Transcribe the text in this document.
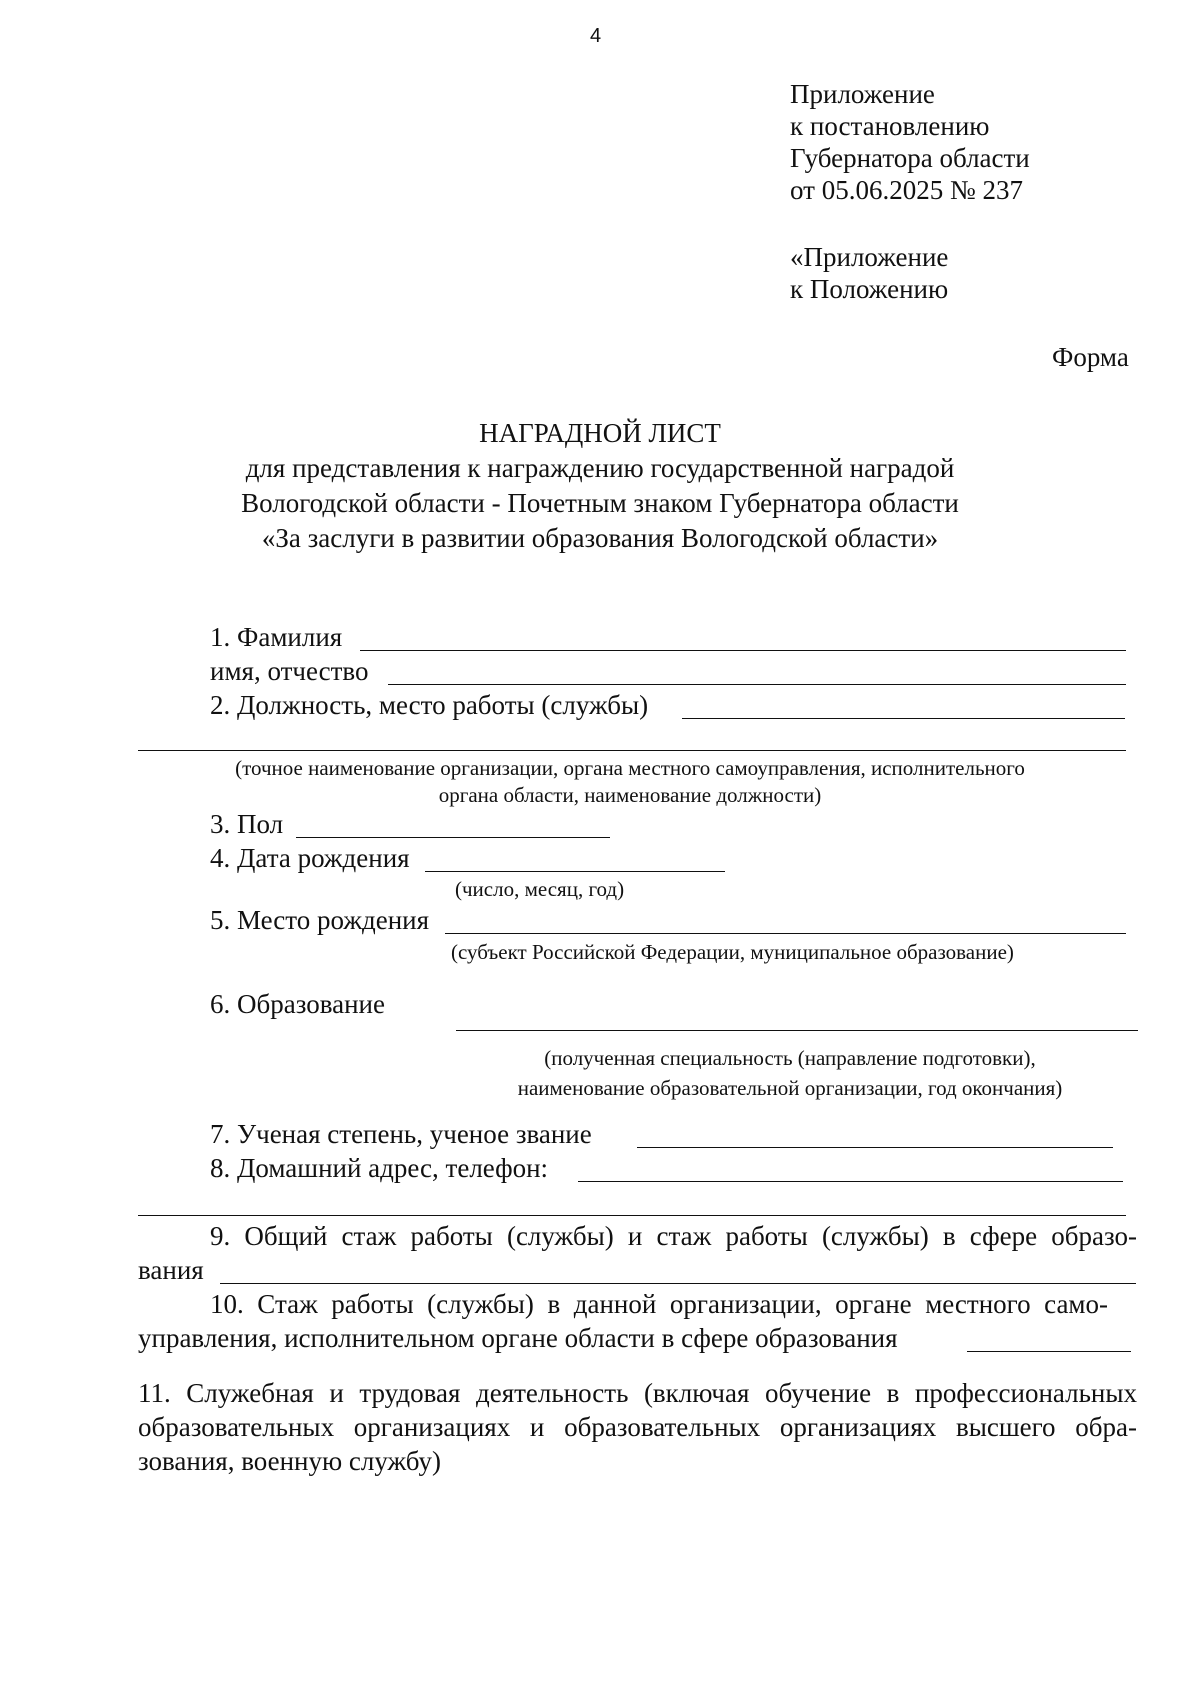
4
Приложение
к постановлению
Губернатора области
от 05.06.2025 № 237
«Приложение
к Положению
Форма
НАГРАДНОЙ ЛИСТ
для представления к награждению государственной наградой
Вологодской области - Почетным знаком Губернатора области
«За заслуги в развитии образования Вологодской области»
1. Фамилия
имя, отчество
2. Должность, место работы (службы)
(точное наименование организации, органа местного самоуправления, исполнительного
органа области, наименование должности)
3. Пол
4. Дата рождения
(число, месяц, год)
5. Место рождения
(субъект Российской Федерации, муниципальное образование)
6. Образование
(полученная специальность (направление подготовки),
наименование образовательной организации, год окончания)
7. Ученая степень, ученое звание
8. Домашний адрес, телефон:
9. Общий стаж работы (службы) и стаж работы (службы) в сфере образо-
вания
10. Стаж работы (службы) в данной организации, органе местного само-
управления, исполнительном органе области в сфере образования
11. Служебная и трудовая деятельность (включая обучение в профессиональных
образовательных организациях и образовательных организациях высшего обра-
зования, военную службу)
